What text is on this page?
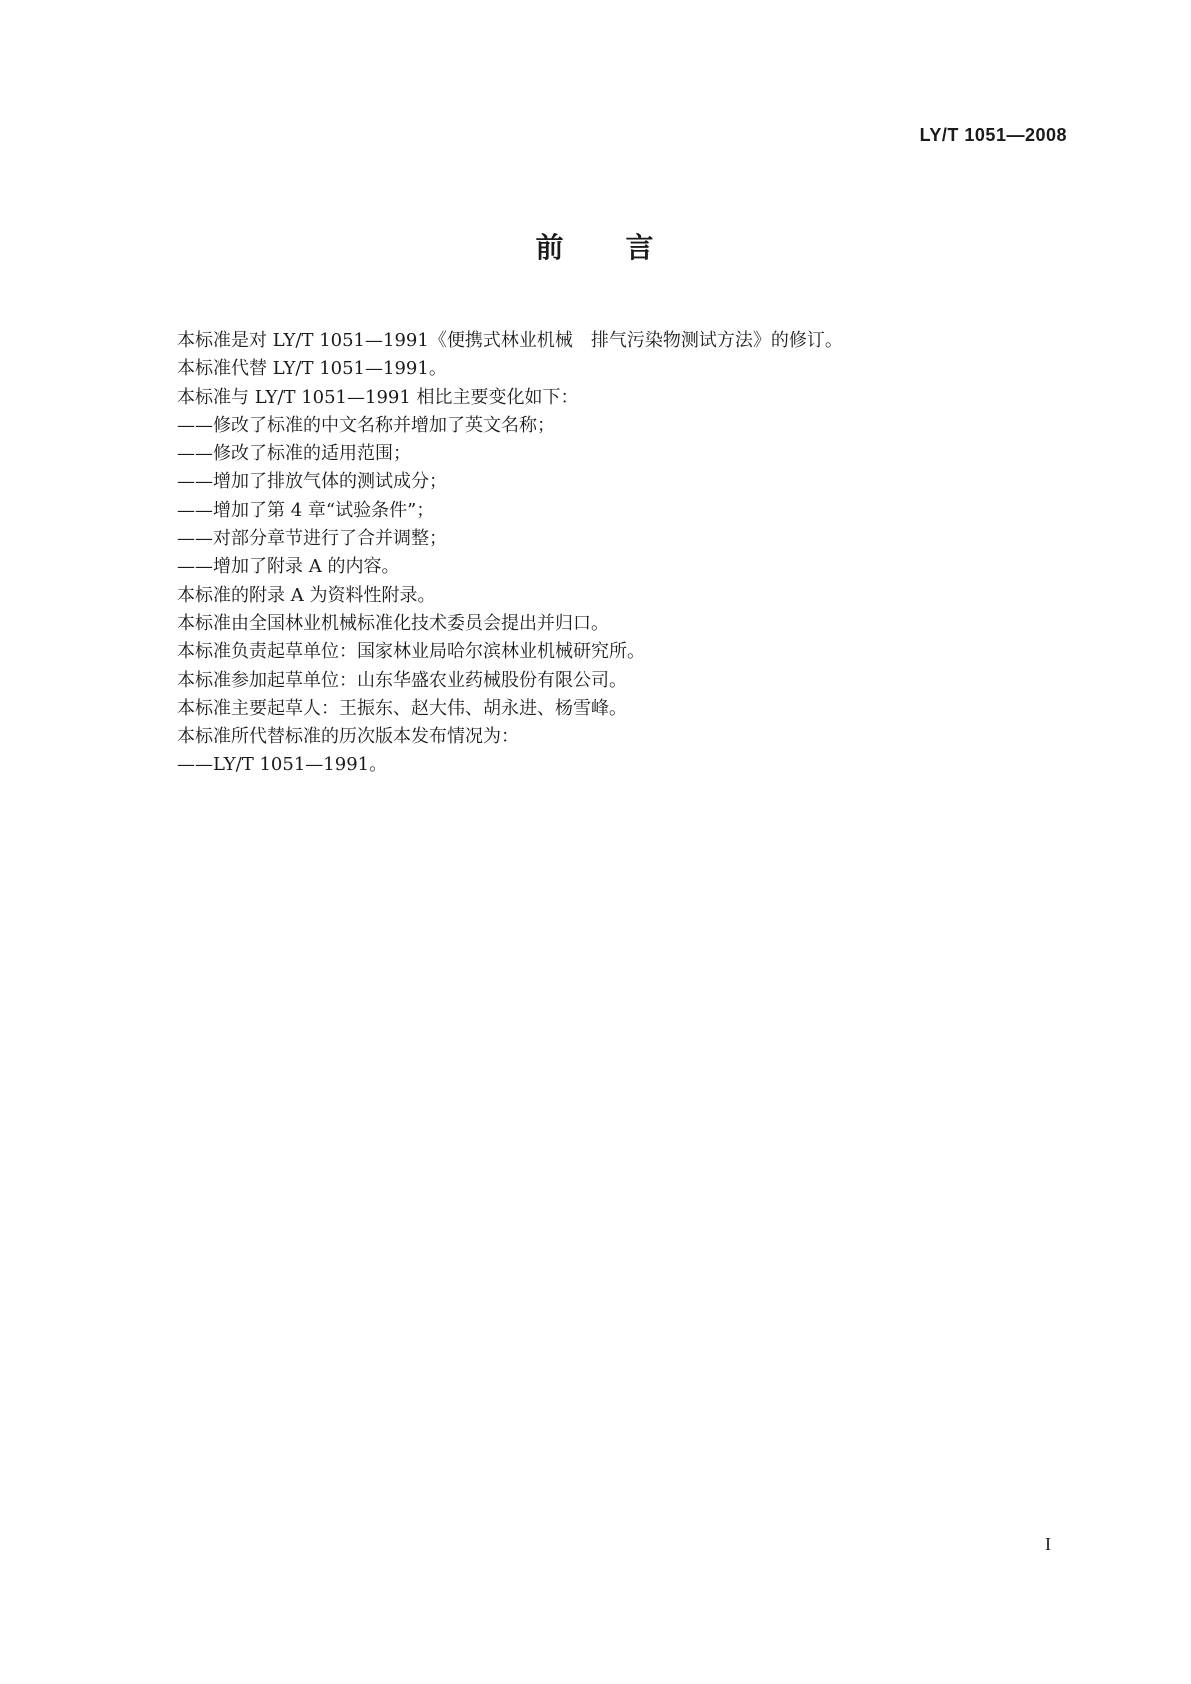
LY/T 1051—2008
前 言
本标准是对 LY/T 1051—1991《便携式林业机械　排气污染物测试方法》的修订。
本标准代替 LY/T 1051—1991。
本标准与 LY/T 1051—1991 相比主要变化如下：
——修改了标准的中文名称并增加了英文名称；
——修改了标准的适用范围；
——增加了排放气体的测试成分；
——增加了第 4 章“试验条件”；
——对部分章节进行了合并调整；
——增加了附录 A 的内容。
本标准的附录 A 为资料性附录。
本标准由全国林业机械标准化技术委员会提出并归口。
本标准负责起草单位：国家林业局哈尔滨林业机械研究所。
本标准参加起草单位：山东华盛农业药械股份有限公司。
本标准主要起草人：王振东、赵大伟、胡永进、杨雪峰。
本标准所代替标准的历次版本发布情况为：
——LY/T 1051—1991。
I
